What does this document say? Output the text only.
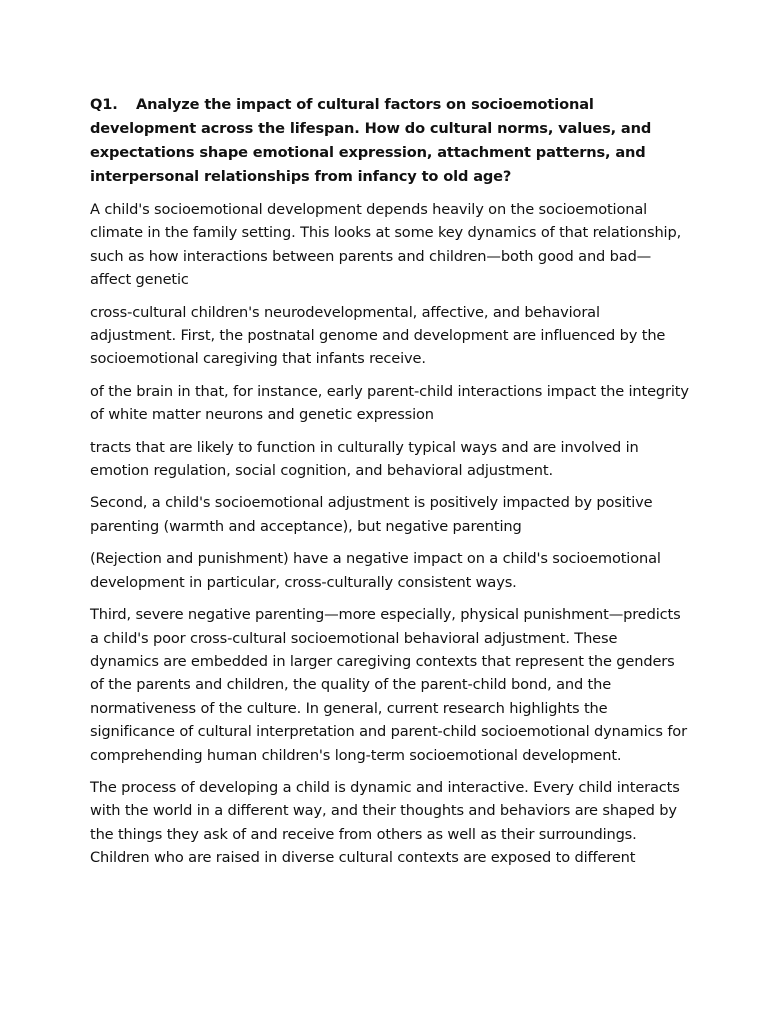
Q1. Analyze the impact of cultural factors on socioemotional development across the lifespan. How do cultural norms, values, and expectations shape emotional expression, attachment patterns, and interpersonal relationships from infancy to old age?

A child's socioemotional development depends heavily on the socioemotional climate in the family setting. This looks at some key dynamics of that relationship, such as how interactions between parents and children—both good and bad—affect genetic

cross-cultural children's neurodevelopmental, affective, and behavioral adjustment. First, the postnatal genome and development are influenced by the socioemotional caregiving that infants receive.

of the brain in that, for instance, early parent-child interactions impact the integrity of white matter neurons and genetic expression

tracts that are likely to function in culturally typical ways and are involved in emotion regulation, social cognition, and behavioral adjustment.

Second, a child's socioemotional adjustment is positively impacted by positive parenting (warmth and acceptance), but negative parenting

(Rejection and punishment) have a negative impact on a child's socioemotional development in particular, cross-culturally consistent ways.

Third, severe negative parenting—more especially, physical punishment—predicts a child's poor cross-cultural socioemotional behavioral adjustment. These dynamics are embedded in larger caregiving contexts that represent the genders of the parents and children, the quality of the parent-child bond, and the normativeness of the culture. In general, current research highlights the significance of cultural interpretation and parent-child socioemotional dynamics for comprehending human children's long-term socioemotional development.

The process of developing a child is dynamic and interactive. Every child interacts with the world in a different way, and their thoughts and behaviors are shaped by the things they ask of and receive from others as well as their surroundings. Children who are raised in diverse cultural contexts are exposed to different
